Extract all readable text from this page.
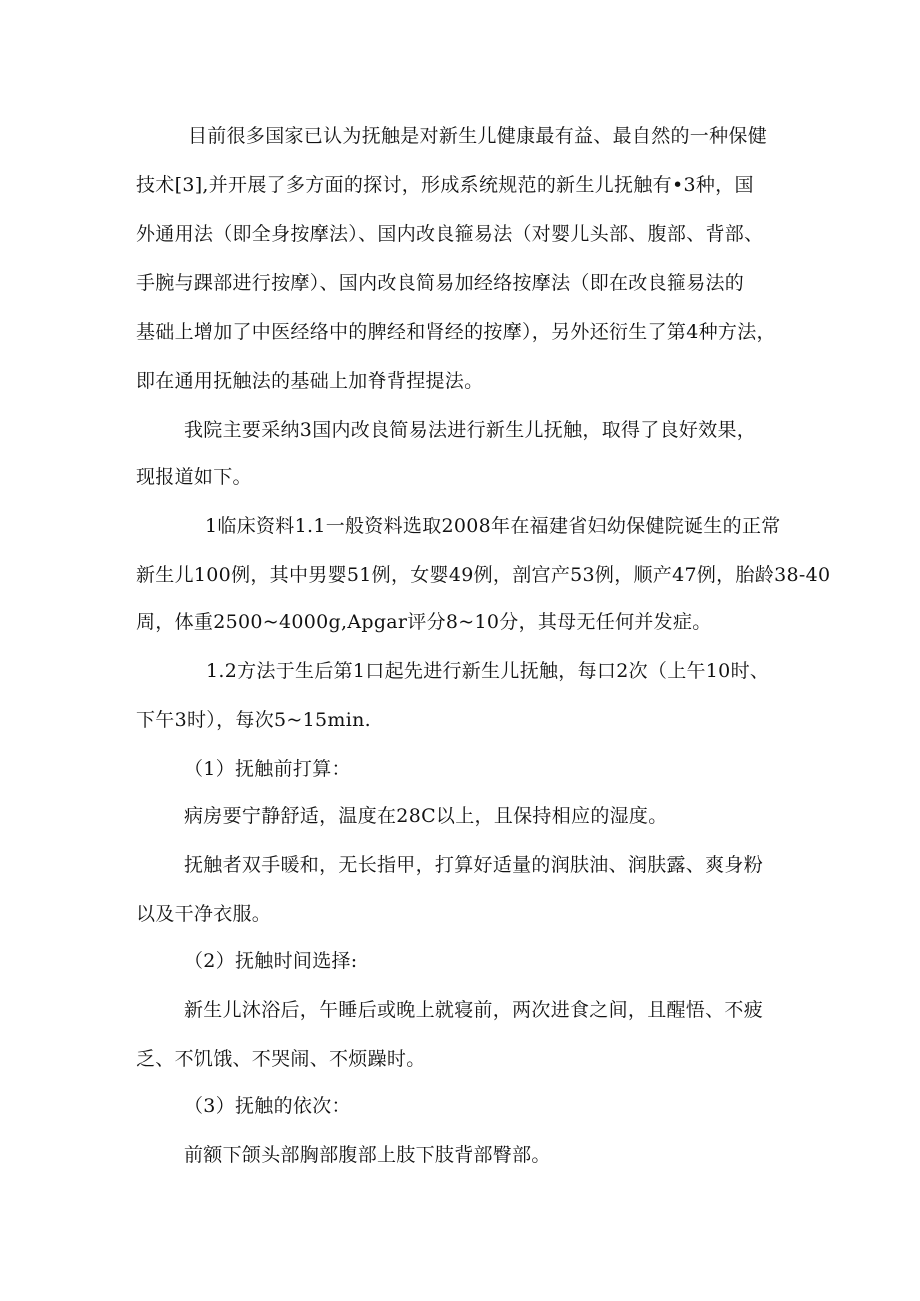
目前很多国家已认为抚触是对新生儿健康最有益、最自然的一种保健
技术[3],并开展了多方面的探讨，形成系统规范的新生儿抚触有•3种，国
外通用法（即全身按摩法）、国内改良箍易法（对婴儿头部、腹部、背部、
手腕与踝部进行按摩）、国内改良简易加经络按摩法（即在改良箍易法的
基础上增加了中医经络中的脾经和肾经的按摩），另外还衍生了第4种方法，
即在通用抚触法的基础上加脊背捏提法。
我院主要采纳3国内改良简易法进行新生儿抚触，取得了良好效果，
现报道如下。
1临床资料1.1一般资料选取2008年在福建省妇幼保健院诞生的正常
新生儿100例，其中男婴51例，女婴49例，剖宫产53例，顺产47例，胎龄38-40
周，体重2500~4000g,Apgar评分8~10分，其母无任何并发症。
1.2方法于生后第1口起先进行新生儿抚触，每口2次（上午10时、
下午3时），每次5~15min.
（1）抚触前打算：
病房要宁静舒适，温度在28C以上，且保持相应的湿度。
抚触者双手暖和，无长指甲，打算好适量的润肤油、润肤露、爽身粉
以及干净衣服。
（2）抚触时间选择:
新生儿沐浴后，午睡后或晚上就寝前，两次进食之间，且醒悟、不疲
乏、不饥饿、不哭闹、不烦躁时。
（3）抚触的依次：
前额下颌头部胸部腹部上肢下肢背部臀部。
